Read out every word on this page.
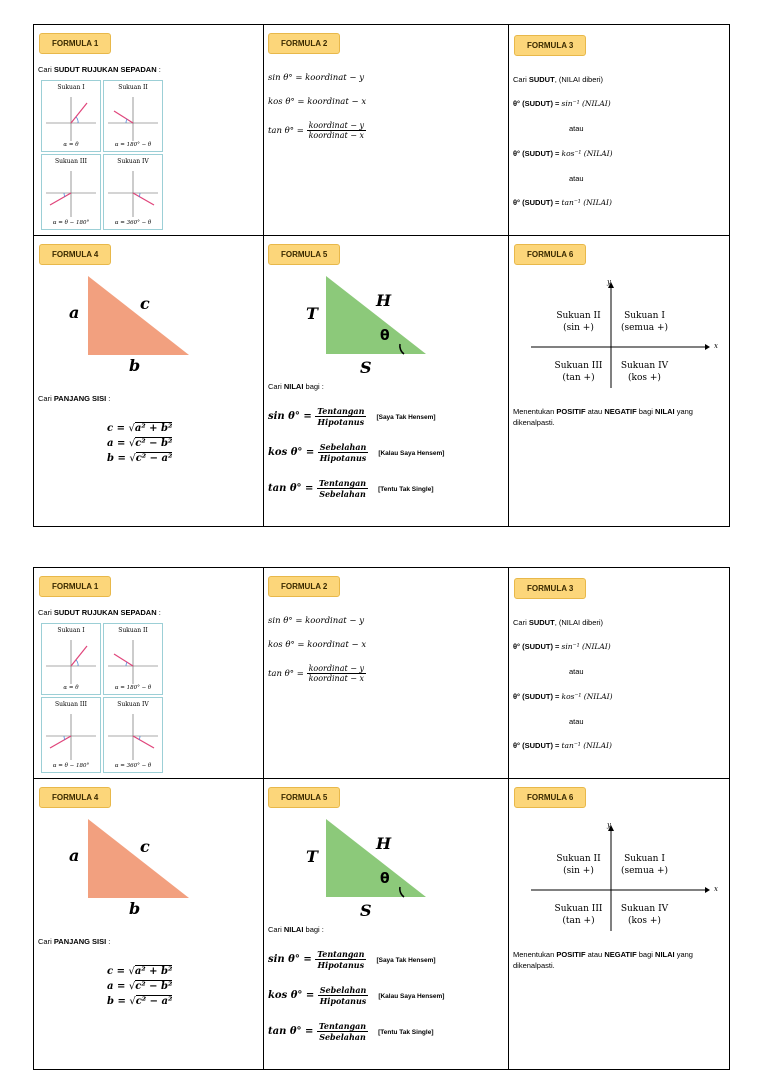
FORMULA 1
Cari SUDUT RUJUKAN SEPADAN :
Sukuan I
α = θ
Sukuan II
α = 180° − θ
Sukuan III
α = θ − 180°
Sukuan IV
α = 360° − θ
FORMULA 2
sin θ° = koordinat − y
kos θ° = koordinat − x
$\tan \theta^\circ = \frac{\text{koordinat − y}}{\text{koordinat − x}}$
FORMULA 3
Cari SUDUT, (NILAI diberi)
θ° (SUDUT) = sin⁻¹ (NILAI)
atau
θ° (SUDUT) = kos⁻¹ (NILAI)
atau
θ° (SUDUT) = tan⁻¹ (NILAI)
FORMULA 4
a	c
b
Cari PANJANG SISI :
c = √a² + b²
a = √c² − b²
b = √c² − a²
FORMULA 5
T
H
S
θ
Cari NILAI bagi :
$\sin \theta^\circ = \frac{\text{Tentangan}}{\text{Hipotanus}}$ [Saya Tak Hensem]
kos $\theta^\circ = \frac{\text{Sebelahan}}{\text{Hipotanus}}$ [Kalau Saya Hensem]
$\tan \theta^\circ = \frac{\text{Tentangan}}{\text{Sebelahan}}$ [Tentu Tak Single]
FORMULA 6
x
y
Sukuan II
(sin +)
Sukuan I
(semua +)
Sukuan III
(tan +)
Sukuan IV
(kos +)
Menentukan POSITIF atau NEGATIF bagi NILAI yang dikenalpasti.
FORMULA 1
Cari SUDUT RUJUKAN SEPADAN :
Sukuan I
α = θ
Sukuan II
α = 180° − θ
Sukuan III
α = θ − 180°
Sukuan IV
α = 360° − θ
FORMULA 2
sin θ° = koordinat − y
kos θ° = koordinat − x
$\tan \theta^\circ = \frac{\text{koordinat − y}}{\text{koordinat − x}}$
FORMULA 3
Cari SUDUT, (NILAI diberi)
θ° (SUDUT) = sin⁻¹ (NILAI)
atau
θ° (SUDUT) = kos⁻¹ (NILAI)
atau
θ° (SUDUT) = tan⁻¹ (NILAI)
FORMULA 4
a	c
b
Cari PANJANG SISI :
c = √a² + b²
a = √c² − b²
b = √c² − a²
FORMULA 5
T
H
S
θ
Cari NILAI bagi :
$\sin \theta^\circ = \frac{\text{Tentangan}}{\text{Hipotanus}}$ [Saya Tak Hensem]
kos $\theta^\circ = \frac{\text{Sebelahan}}{\text{Hipotanus}}$ [Kalau Saya Hensem]
$\tan \theta^\circ = \frac{\text{Tentangan}}{\text{Sebelahan}}$ [Tentu Tak Single]
FORMULA 6
x
y
Sukuan II
(sin +)
Sukuan I
(semua +)
Sukuan III
(tan +)
Sukuan IV
(kos +)
Menentukan POSITIF atau NEGATIF bagi NILAI yang dikenalpasti.
